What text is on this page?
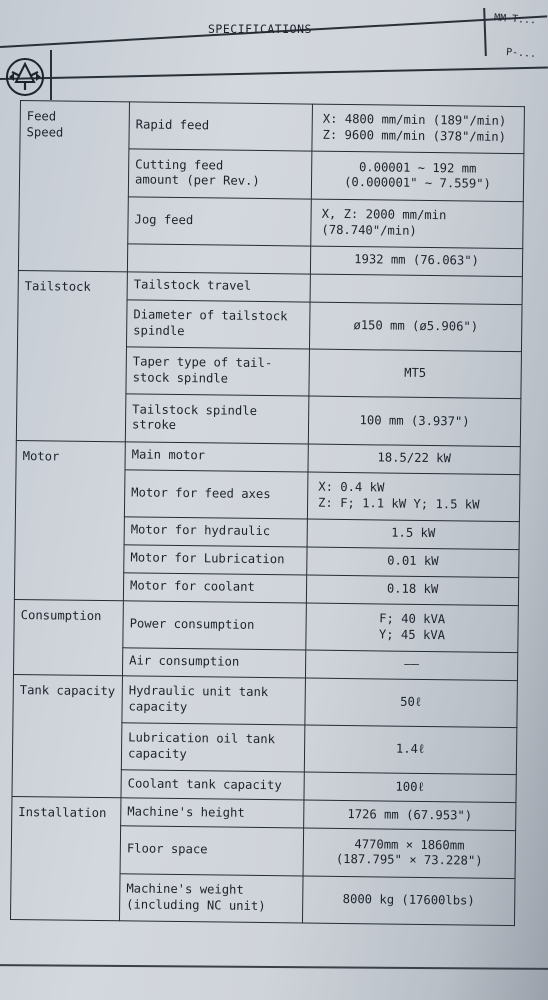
SPECIFICATIONS
MM-T...
P-...
Feed
Speed	Rapid feed	X: 4800 mm/min (189"/min)
Z: 9600 mm/min (378"/min)

	Cutting feed
amount (per Rev.)	0.00001 ~ 192 mm
(0.000001" ~ 7.559")

	Jog feed	X, Z: 2000 mm/min
(78.740"/min)

		1932 mm (76.063")

Tailstock	Tailstock travel	

	Diameter of tailstock
spindle	ø150 mm (ø5.906")

	Taper type of tail-
stock spindle	MT5

	Tailstock spindle
stroke	100 mm (3.937")

Motor	Main motor	18.5/22 kW

	Motor for feed axes	X: 0.4 kW
Z: F; 1.1 kW Y; 1.5 kW

	Motor for hydraulic	1.5 kW

	Motor for Lubrication	0.01 kW

	Motor for coolant	0.18 kW

Consumption	Power consumption	F; 40 kVA
Y; 45 kVA

	Air consumption	——

Tank capacity	Hydraulic unit tank
capacity	50ℓ

	Lubrication oil tank
capacity	1.4ℓ

	Coolant tank capacity	100ℓ

Installation	Machine's height	1726 mm (67.953")

	Floor space	4770mm × 1860mm
(187.795" × 73.228")

	Machine's weight
(including NC unit)	8000 kg (17600lbs)
